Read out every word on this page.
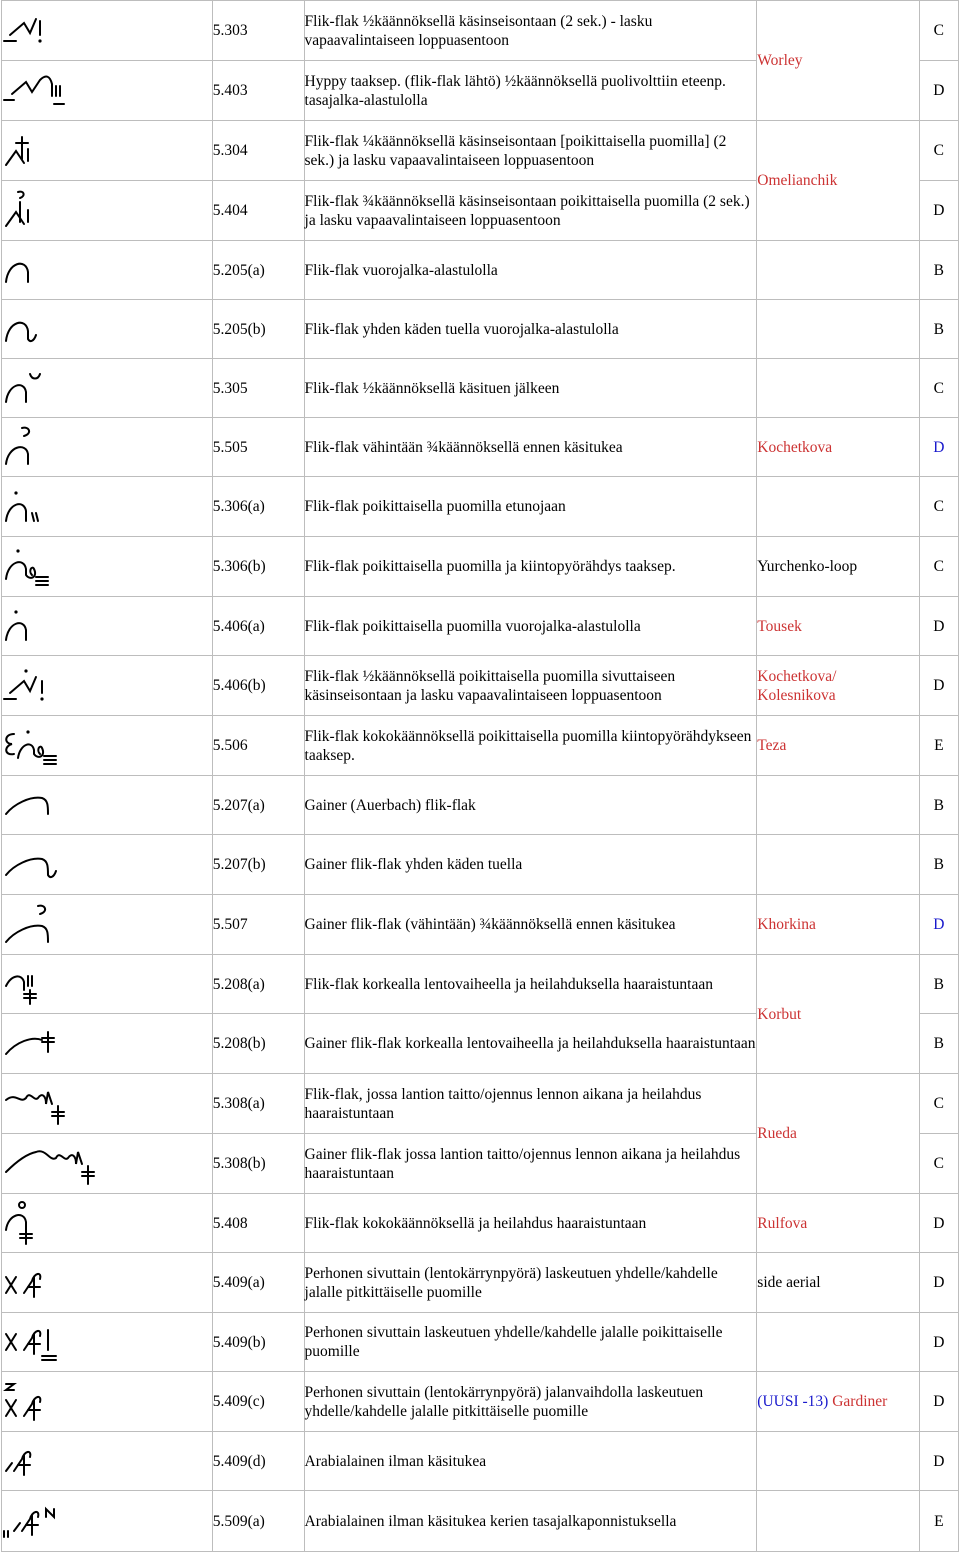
	5.303	Flik-flak ½käännöksellä käsinseisontaan (2 sek.) - lasku vapaavalintaiseen loppuasentoon	Worley	C

	5.403	Hyppy taaksep. (flik-flak lähtö) ½käännöksellä puolivolttiin eteenp. tasajalka-alastulolla		D

	5.304	Flik-flak ¼käännöksellä käsinseisontaan [poikittaisella puomilla] (2 sek.) ja lasku vapaavalintaiseen loppuasentoon	Omelianchik	C

	5.404	Flik-flak ¾käännöksellä käsinseisontaan poikittaisella puomilla (2 sek.) ja lasku vapaavalintaiseen loppuasentoon		D

	5.205(a)	Flik-flak vuorojalka-alastulolla		B

	5.205(b)	Flik-flak yhden käden tuella vuorojalka-alastulolla		B

	5.305	Flik-flak ½käännöksellä käsituen jälkeen		C

	5.505	Flik-flak vähintään ¾käännöksellä ennen käsitukea	Kochetkova	D

	5.306(a)	Flik-flak poikittaisella puomilla etunojaan		C

	5.306(b)	Flik-flak poikittaisella puomilla ja kiintopyörähdys taaksep.	Yurchenko-loop	C

	5.406(a)	Flik-flak poikittaisella puomilla vuorojalka-alastulolla	Tousek	D

	5.406(b)	Flik-flak ½käännöksellä poikittaisella puomilla sivuttaiseen käsinseisontaan ja lasku vapaavalintaiseen loppuasentoon	Kochetkova/ Kolesnikova	D

	5.506	Flik-flak kokokäännöksellä poikittaisella puomilla kiintopyörähdykseen taaksep.	Teza	E

	5.207(a)	Gainer (Auerbach) flik-flak		B

	5.207(b)	Gainer flik-flak yhden käden tuella		B

	5.507	Gainer flik-flak (vähintään) ¾käännöksellä ennen käsitukea	Khorkina	D

	5.208(a)	Flik-flak korkealla lentovaiheella ja heilahduksella haaraistuntaan	Korbut	B

	5.208(b)	Gainer flik-flak korkealla lentovaiheella ja heilahduksella haaraistuntaan		B

	5.308(a)	Flik-flak, jossa lantion taitto/ojennus lennon aikana ja heilahdus haaraistuntaan	Rueda	C

	5.308(b)	Gainer flik-flak jossa lantion taitto/ojennus lennon aikana ja heilahdus haaraistuntaan		C

	5.408	Flik-flak kokokäännöksellä ja heilahdus haaraistuntaan	Rulfova	D

	5.409(a)	Perhonen sivuttain (lentokärrynpyörä) laskeutuen yhdelle/kahdelle jalalle pitkittäiselle puomille	side aerial	D

	5.409(b)	Perhonen sivuttain laskeutuen yhdelle/kahdelle jalalle poikittaiselle puomille		D

	5.409(c)	Perhonen sivuttain (lentokärrynpyörä) jalanvaihdolla laskeutuen yhdelle/kahdelle jalalle pitkittäiselle puomille	(UUSI -13) Gardiner	D

	5.409(d)	Arabialainen ilman käsitukea		D

	5.509(a)	Arabialainen ilman käsitukea kerien tasajalkaponnistuksella		E
